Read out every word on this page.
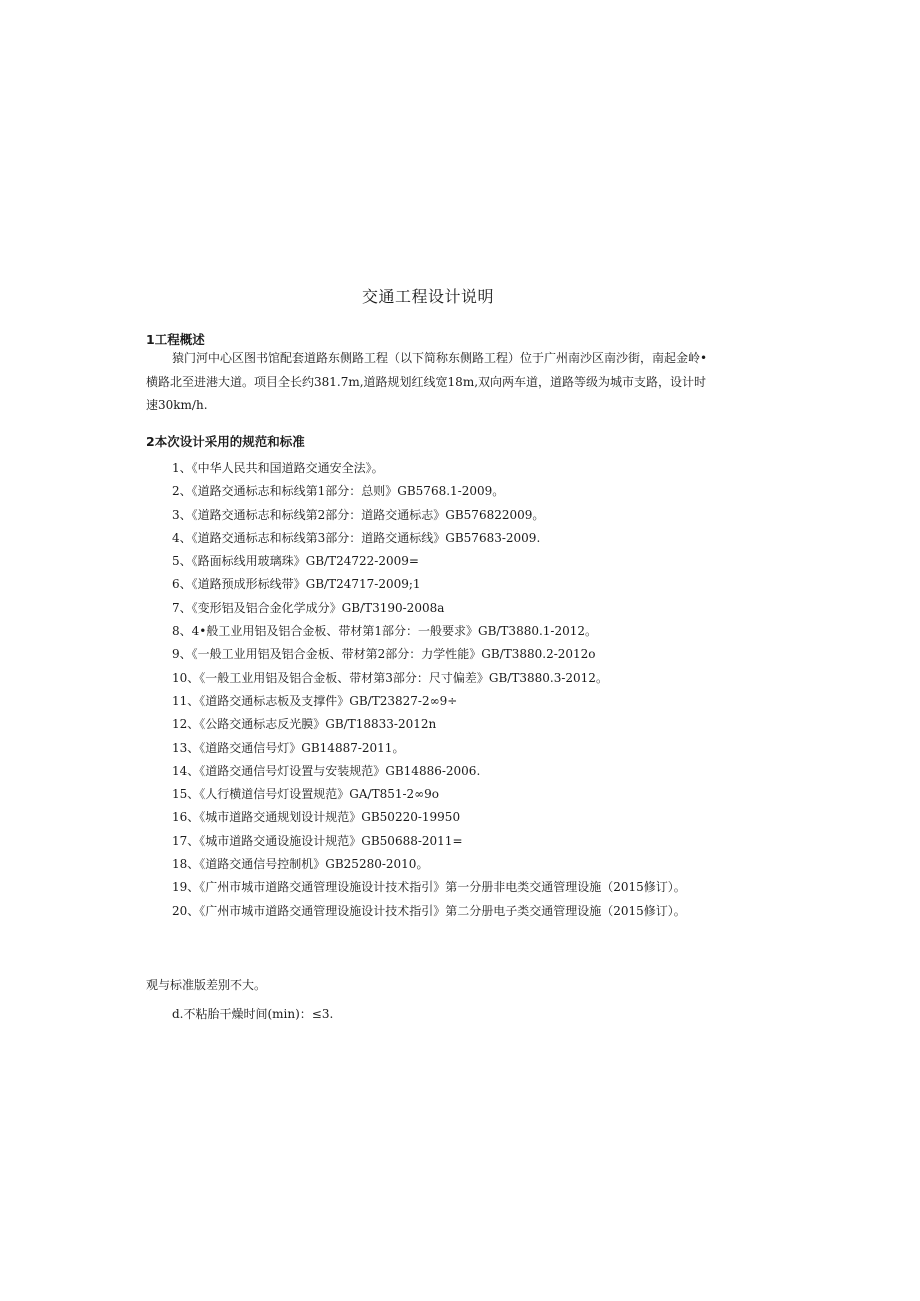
交通工程设计说明
1工程概述
猿门河中心区图书馆配套道路东侧路工程（以下简称东侧路工程）位于广州南沙区南沙街，南起金岭•横路北至进港大道。项目全长约381.7m,道路规划红线宽18m,双向两车道，道路等级为城市支路，设计时速30km∕h.
2本次设计采用的规范和标准
1、《中华人民共和国道路交通安全法》。
2、《道路交通标志和标线第1部分：总则》GB5768.1-2009。
3、《道路交通标志和标线第2部分：道路交通标志》GB576822009。
4、《道路交通标志和标线第3部分：道路交通标线》GB57683-2009.
5、《路面标线用玻璃珠》GB/T24722-2009=
6、《道路预成形标线带》GB/T24717-2009;1
7、《变形铝及铝合金化学成分》GB/T3190-2008a
8、4•般工业用铝及铝合金板、带材第1部分：一般要求》GB/T3880.1-2012。
9、《一般工业用铝及铝合金板、带材第2部分：力学性能》GB/T3880.2-2012o
10、《一般工业用铝及铝合金板、带材第3部分：尺寸偏差》GB/T3880.3-2012。
11、《道路交通标志板及支撑件》GB/T23827-2∞9÷
12、《公路交通标志反光膜》GB∕T18833-2012n
13、《道路交通信号灯》GB14887-2011。
14、《道路交通信号灯设置与安装规范》GB14886-2006.
15、《人行横道信号灯设置规范》GA∕T851-2∞9o
16、《城市道路交通规划设计规范》GB50220-19950
17、《城市道路交通设施设计规范》GB50688-2011=
18、《道路交通信号控制机》GB25280-2010。
19、《广州市城市道路交通管理设施设计技术指引》第一分册非电类交通管理设施（2015修订）。
20、《广州市城市道路交通管理设施设计技术指引》第二分册电子类交通管理设施（2015修订）。
观与标准版差别不大。
d.不粘胎干燥时间(min)：≤3.
